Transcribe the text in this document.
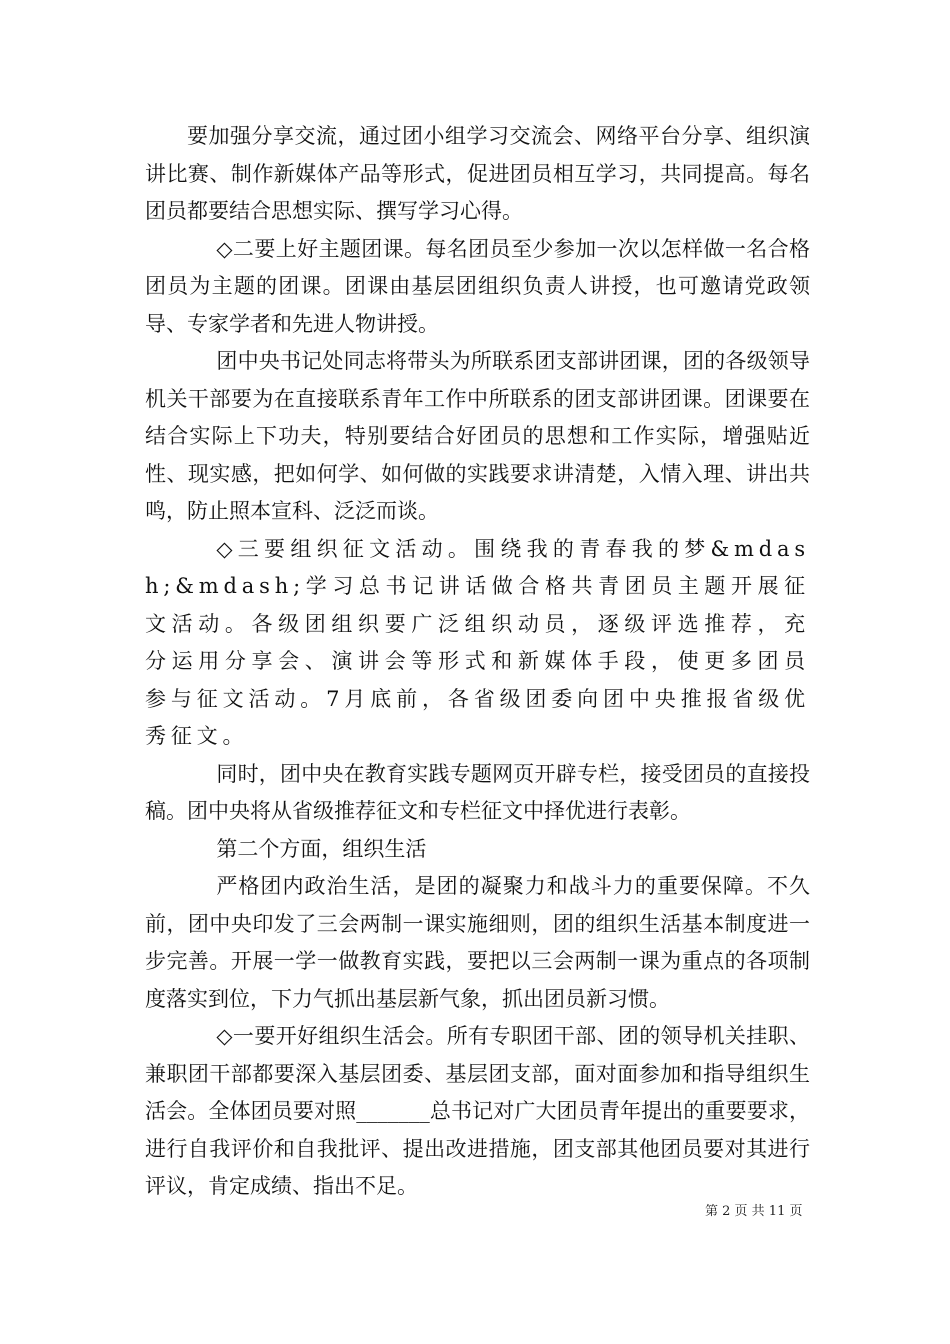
要加强分享交流，通过团小组学习交流会、网络平台分享、组织演讲比赛、制作新媒体产品等形式，促进团员相互学习，共同提高。每名团员都要结合思想实际、撰写学习心得。

◇二要上好主题团课。每名团员至少参加一次以怎样做一名合格团员为主题的团课。团课由基层团组织负责人讲授，也可邀请党政领导、专家学者和先进人物讲授。

团中央书记处同志将带头为所联系团支部讲团课，团的各级领导机关干部要为在直接联系青年工作中所联系的团支部讲团课。团课要在结合实际上下功夫，特别要结合好团员的思想和工作实际，增强贴近性、现实感，把如何学、如何做的实践要求讲清楚，入情入理、讲出共鸣，防止照本宣科、泛泛而谈。

◇三要组织征文活动。围绕我的青春我的梦&mdash;&mdash;学习总书记讲话做合格共青团员主题开展征文活动。各级团组织要广泛组织动员，逐级评选推荐，充分运用分享会、演讲会等形式和新媒体手段，使更多团员参与征文活动。7月底前，各省级团委向团中央推报省级优秀征文。

同时，团中央在教育实践专题网页开辟专栏，接受团员的直接投稿。团中央将从省级推荐征文和专栏征文中择优进行表彰。

第二个方面，组织生活

严格团内政治生活，是团的凝聚力和战斗力的重要保障。不久前，团中央印发了三会两制一课实施细则，团的组织生活基本制度进一步完善。开展一学一做教育实践，要把以三会两制一课为重点的各项制度落实到位，下力气抓出基层新气象，抓出团员新习惯。

◇一要开好组织生活会。所有专职团干部、团的领导机关挂职、兼职团干部都要深入基层团委、基层团支部，面对面参加和指导组织生活会。全体团员要对照_______总书记对广大团员青年提出的重要要求，进行自我评价和自我批评、提出改进措施，团支部其他团员要对其进行评议，肯定成绩、指出不足。

第 2 页 共 11 页
